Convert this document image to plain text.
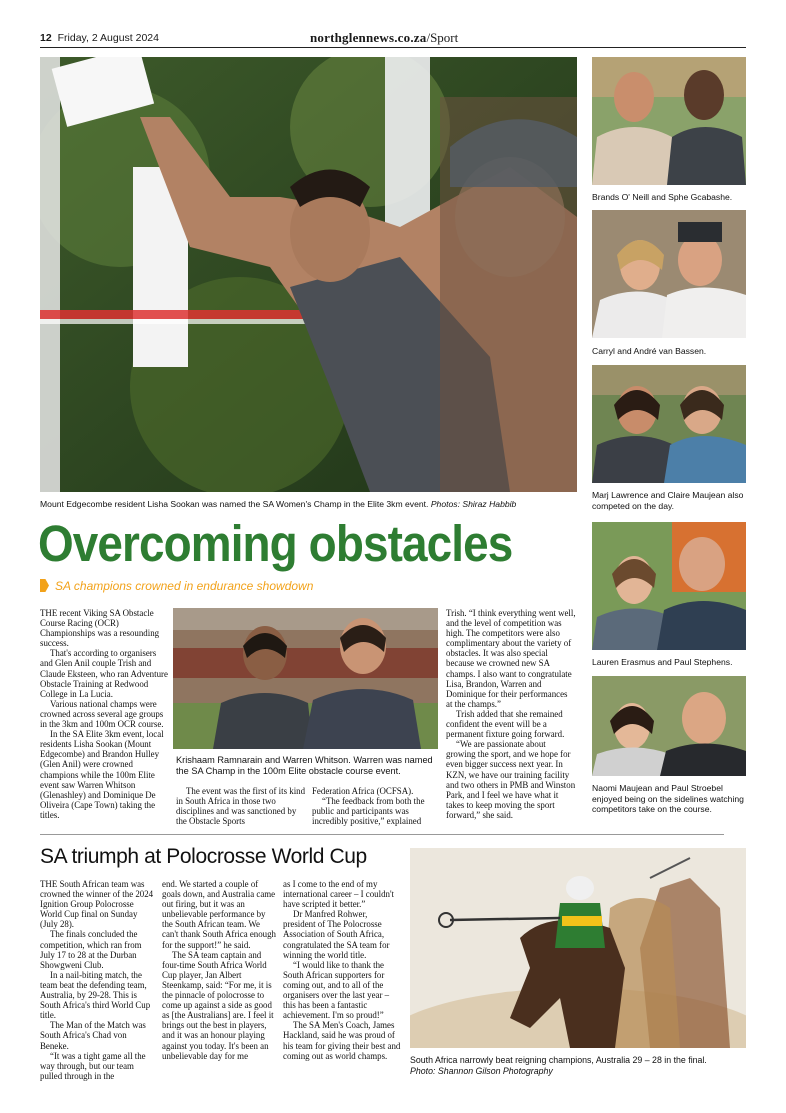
12 Friday, 2 August 2024	northglennews.co.za/Sport
Mount Edgecombe resident Lisha Sookan was named the SA Women's Champ in the Elite 3km event. Photos: Shiraz Habbib
Brands O' Neill and Sphe Gcabashe.
Carryl and André van Bassen.
Marj Lawrence and Claire Maujean also competed on the day.
Lauren Erasmus and Paul Stephens.
Naomi Maujean and Paul Stroebel enjoyed being on the sidelines watching competitors take on the course.
Overcoming obstacles
SA champions crowned in endurance showdown

THE recent Viking SA Obstacle Course Racing (OCR) Championships was a resounding success.

That's according to organisers and Glen Anil couple Trish and Claude Eksteen, who ran Adventure Obstacle Training at Redwood College in La Lucia.

Various national champs were crowned across several age groups in the 3km and 100m OCR course.

In the SA Elite 3km event, local residents Lisha Sookan (Mount Edgecombe) and Brandon Hulley (Glen Anil) were crowned champions while the 100m Elite event saw Warren Whitson (Glenashley) and Dominique De Oliveira (Cape Town) taking the titles.

Krishaam Ramnarain and Warren Whitson. Warren was named the SA Champ in the 100m Elite obstacle course event.

The event was the first of its kind in South Africa in those two disciplines and was sanctioned by the Obstacle Sports

Federation Africa (OCFSA).

“The feedback from both the public and participants was incredibly positive,” explained

Trish. “I think everything went well, and the level of competition was high. The competitors were also complimentary about the variety of obstacles. It was also special because we crowned new SA champs. I also want to congratulate Lisa, Brandon, Warren and Dominique for their performances at the champs.”

Trish added that she remained confident the event will be a permanent fixture going forward.

“We are passionate about growing the sport, and we hope for even bigger success next year. In KZN, we have our training facility and two others in PMB and Winston Park, and I feel we have what it takes to keep moving the sport forward,” she said.

SA triumph at Polocrosse World Cup

THE South African team was crowned the winner of the 2024 Ignition Group Polocrosse World Cup final on Sunday (July 28).

The finals concluded the competition, which ran from July 17 to 28 at the Durban Showgweni Club.

In a nail-biting match, the team beat the defending team, Australia, by 29-28. This is South Africa's third World Cup title.

The Man of the Match was South Africa's Chad von Beneke.

“It was a tight game all the way through, but our team pulled through in the

end. We started a couple of goals down, and Australia came out firing, but it was an unbelievable performance by the South African team. We can't thank South Africa enough for the support!” he said.

The SA team captain and four-time South Africa World Cup player, Jan Albert Steenkamp, said: “For me, it is the pinnacle of polocrosse to come up against a side as good as [the Australians] are. I feel it brings out the best in players, and it was an honour playing against you today. It's been an unbelievable day for me

as I come to the end of my international career – I couldn't have scripted it better.”

Dr Manfred Rohwer, president of The Polocrosse Association of South Africa, congratulated the SA team for winning the world title.

“I would like to thank the South African supporters for coming out, and to all of the organisers over the last year – this has been a fantastic achievement. I'm so proud!”

The SA Men's Coach, James Hackland, said he was proud of his team for giving their best and coming out as world champs.	South Africa narrowly beat reigning champions, Australia 29 – 28 in the final.
Photo: Shannon Gilson Photography
